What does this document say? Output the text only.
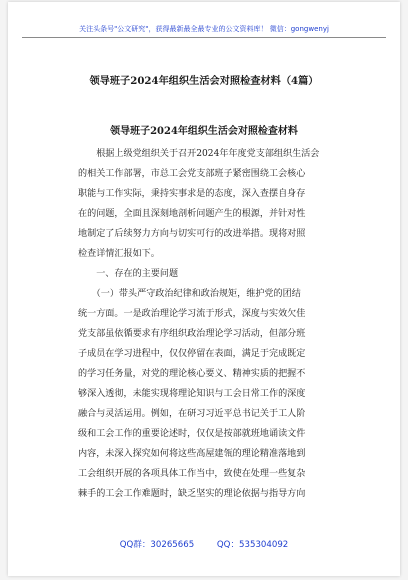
关注头条号"公文研究"，获得最新最全最专业的公文资料库！ 微信：gongwenyj
领导班子2024年组织生活会对照检查材料（4篇）
领导班子2024年组织生活会对照检查材料
　　根据上级党组织关于召开2024年年度党支部组织生活会
的相关工作部署，市总工会党支部班子紧密围绕工会核心
职能与工作实际，秉持实事求是的态度，深入查摆自身存
在的问题，全面且深刻地剖析问题产生的根源，并针对性
地制定了后续努力方向与切实可行的改进举措。现将对照
检查详情汇报如下。
　　一、存在的主要问题
　　（一）带头严守政治纪律和政治规矩，维护党的团结
统一方面。一是政治理论学习流于形式，深度与实效欠佳
党支部虽依循要求有序组织政治理论学习活动，但部分班
子成员在学习进程中，仅仅停留在表面，满足于完成既定
的学习任务量，对党的理论核心要义、精神实质的把握不
够深入透彻，未能实现将理论知识与工会日常工作的深度
融合与灵活运用。例如，在研习习近平总书记关于工人阶
级和工会工作的重要论述时，仅仅是按部就班地诵读文件
内容，未深入探究如何将这些高屋建瓴的理论精准落地到
工会组织开展的各项具体工作当中，致使在处理一些复杂
棘手的工会工作难题时，缺乏坚实的理论依据与指导方向
QQ群：30265665	QQ：535304092
